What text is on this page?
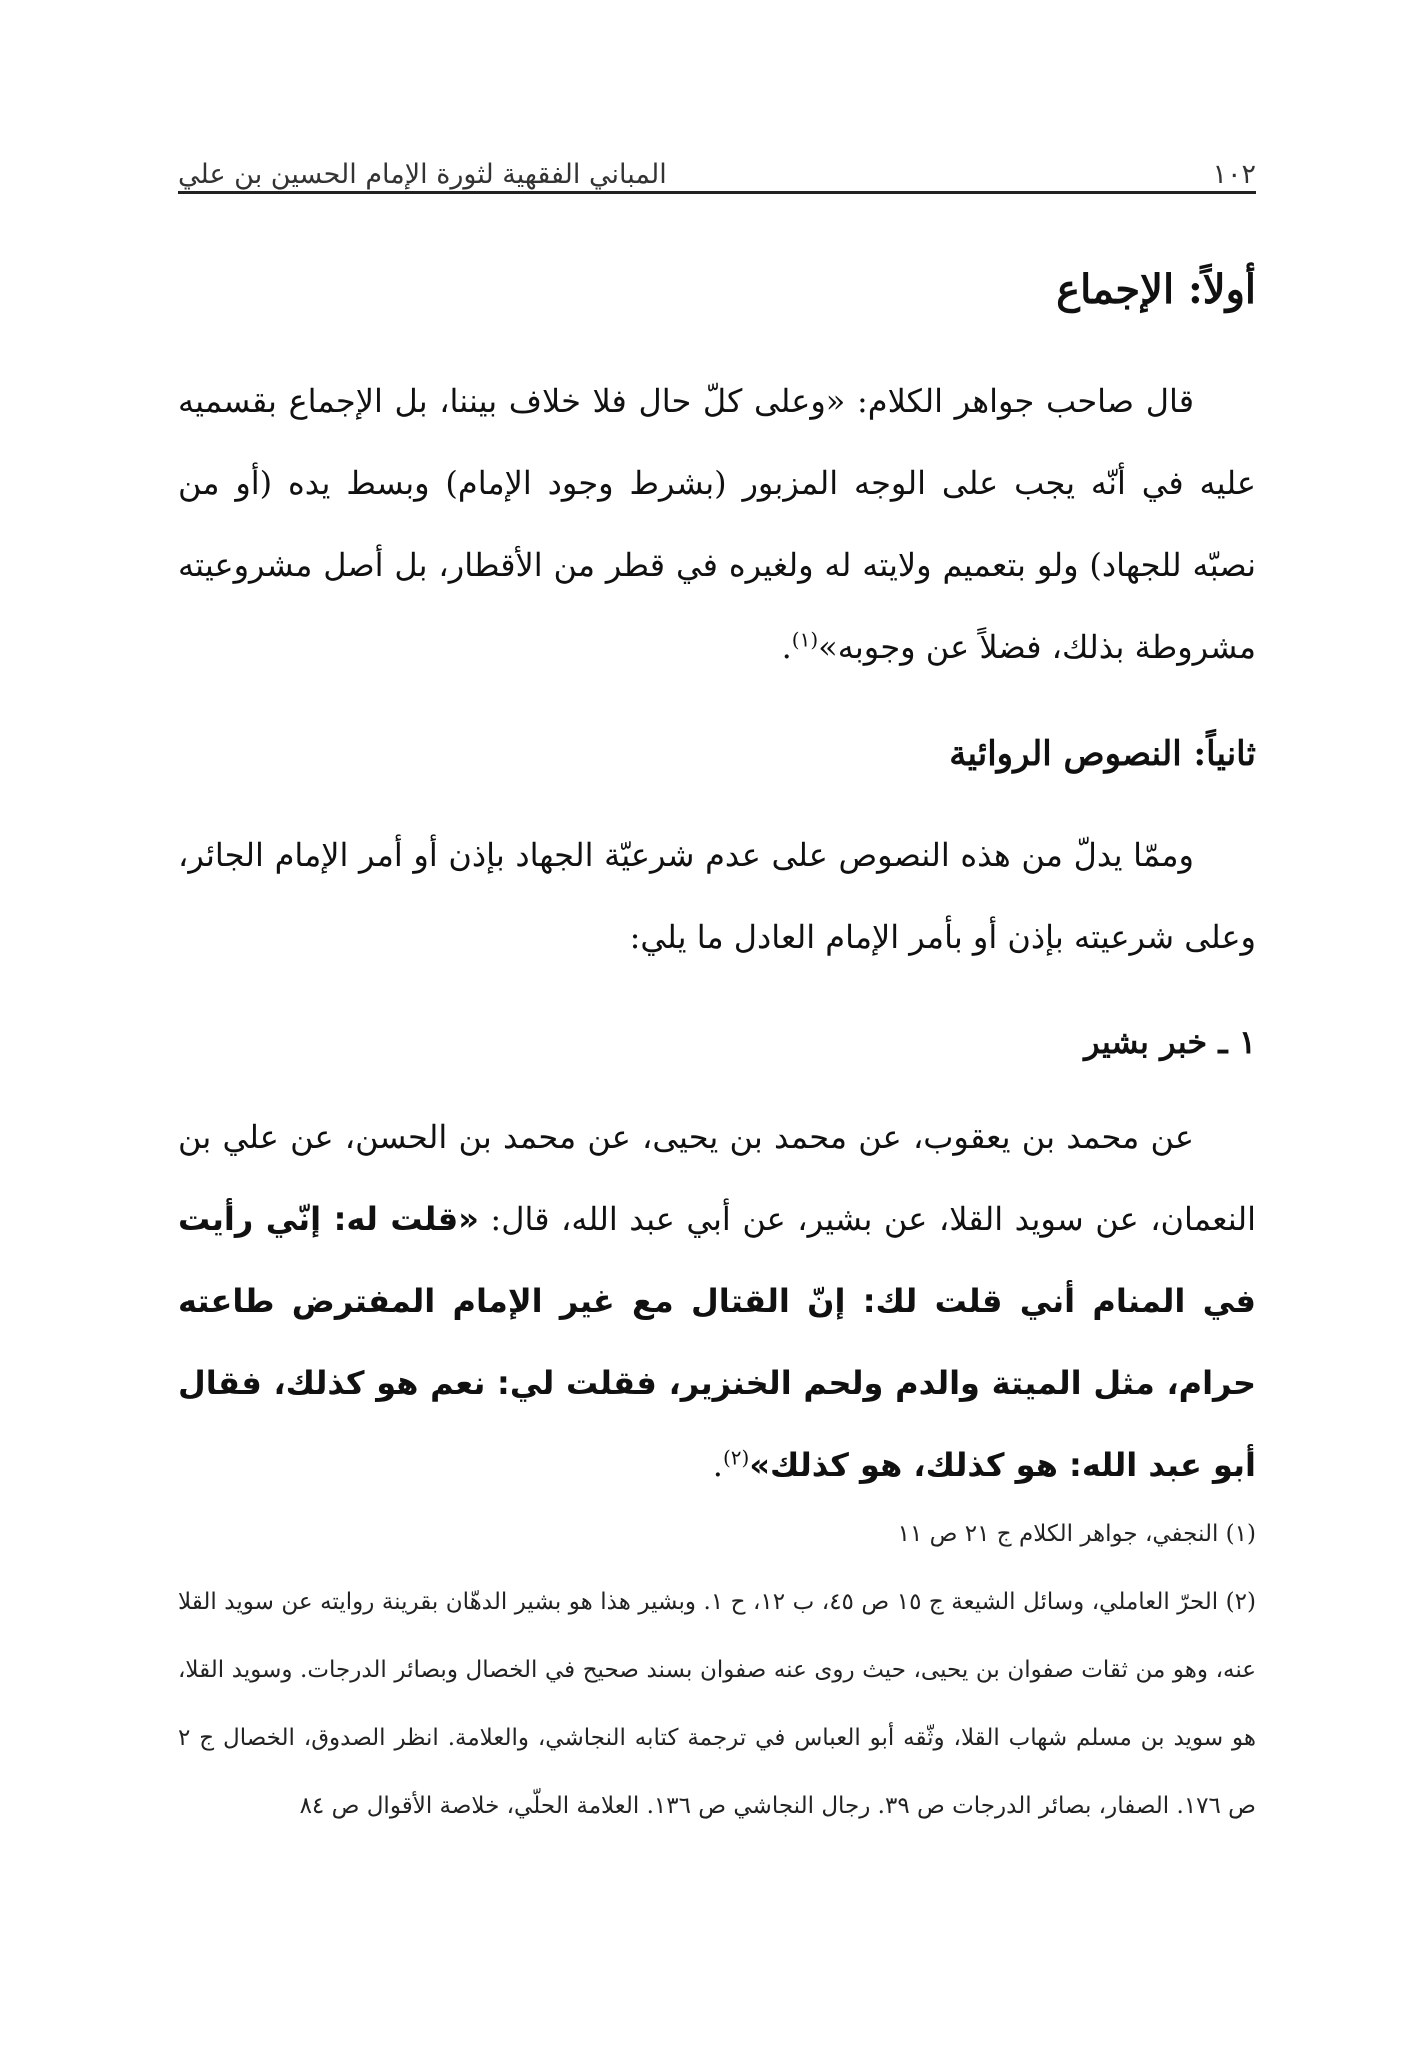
١٠٢
المباني الفقهية لثورة الإمام الحسين بن علي
أولاً: الإجماع

قال صاحب جواهر الكلام: «وعلى كلّ حال فلا خلاف بيننا، بل الإجماع بقسميه عليه في أنّه يجب على الوجه المزبور (بشرط وجود الإمام) وبسط يده (أو من نصبّه للجهاد) ولو بتعميم ولايته له ولغيره في قطر من الأقطار، بل أصل مشروعيته مشروطة بذلك، فضلاً عن وجوبه»$^{(١)}$.

ثانياً: النصوص الروائية

وممّا يدلّ من هذه النصوص على عدم شرعيّة الجهاد بإذن أو أمر الإمام الجائر، وعلى شرعيته بإذن أو بأمر الإمام العادل ما يلي:

١ ـ خبر بشير

عن محمد بن يعقوب، عن محمد بن يحيى، عن محمد بن الحسن، عن علي بن النعمان، عن سويد القلا، عن بشير، عن أبي عبد الله، قال: «قلت له: إنّي رأيت في المنام أني قلت لك: إنّ القتال مع غير الإمام المفترض طاعته حرام، مثل الميتة والدم ولحم الخنزير، فقلت لي: نعم هو كذلك، فقال أبو عبد الله: هو كذلك، هو كذلك»$^{(٢)}$.

(١) النجفي، جواهر الكلام ج ٢١ ص ١١

(٢) الحرّ العاملي، وسائل الشيعة ج ١٥ ص ٤٥، ب ١٢، ح ١. وبشير هذا هو بشير الدهّان بقرينة روايته عن سويد القلا عنه، وهو من ثقات صفوان بن يحيى، حيث روى عنه صفوان بسند صحيح في الخصال وبصائر الدرجات. وسويد القلا، هو سويد بن مسلم شهاب القلا، وثّقه أبو العباس في ترجمة كتابه النجاشي، والعلامة. انظر الصدوق، الخصال ج ٢ ص ١٧٦. الصفار، بصائر الدرجات ص ٣٩. رجال النجاشي ص ١٣٦. العلامة الحلّي، خلاصة الأقوال ص ٨٤
